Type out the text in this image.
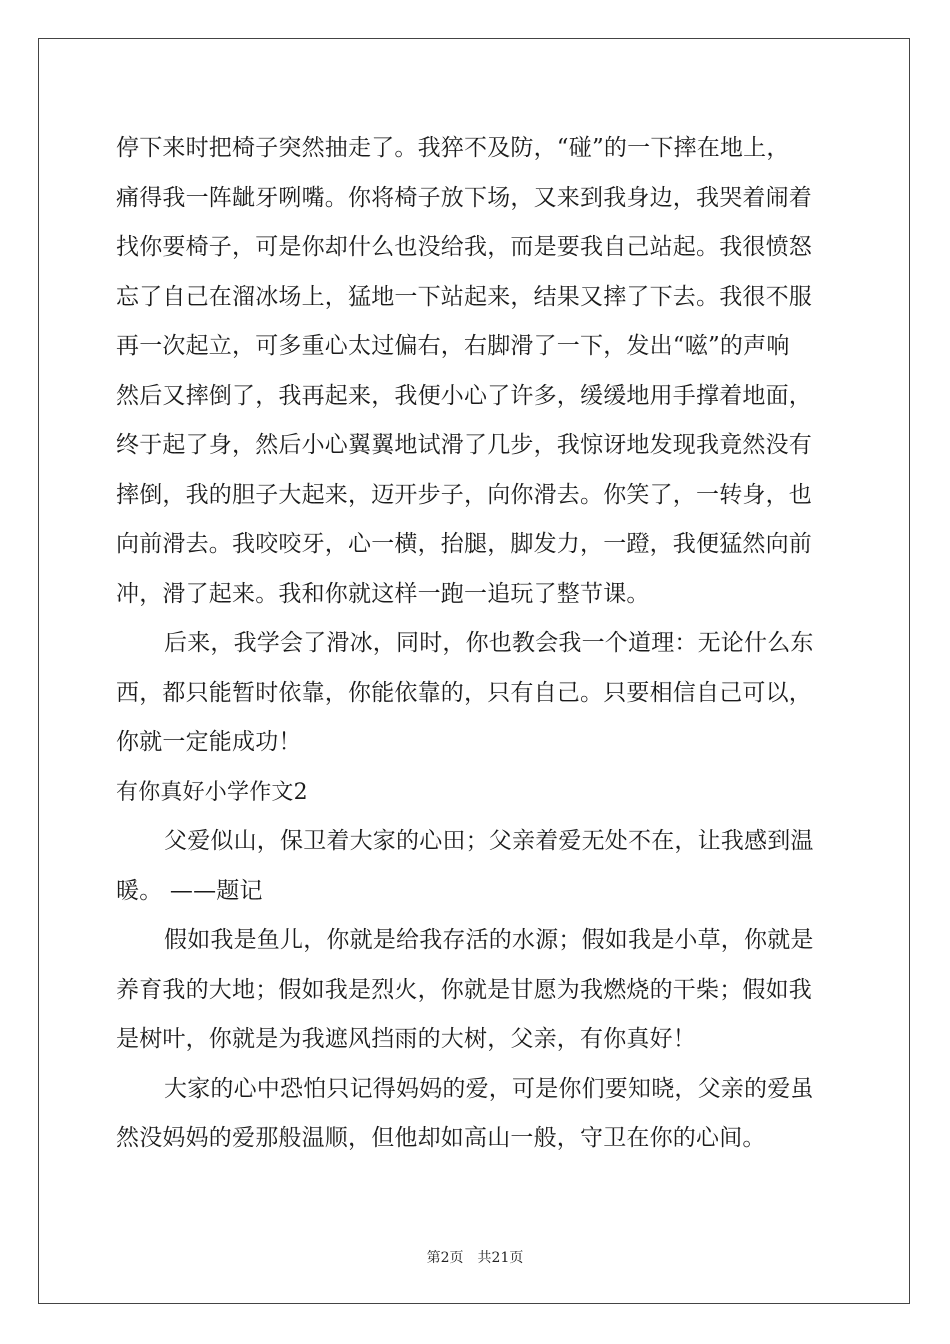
停下来时把椅子突然抽走了。我猝不及防，“碰”的一下摔在地上，
痛得我一阵龇牙咧嘴。你将椅子放下场，又来到我身边，我哭着闹着
找你要椅子，可是你却什么也没给我，而是要我自己站起。我很愤怒
忘了自己在溜冰场上，猛地一下站起来，结果又摔了下去。我很不服
再一次起立，可多重心太过偏右，右脚滑了一下，发出“嗞”的声响
然后又摔倒了，我再起来，我便小心了许多，缓缓地用手撑着地面，
终于起了身，然后小心翼翼地试滑了几步，我惊讶地发现我竟然没有
摔倒，我的胆子大起来，迈开步子，向你滑去。你笑了，一转身，也
向前滑去。我咬咬牙，心一横，抬腿，脚发力，一蹬，我便猛然向前
冲，滑了起来。我和你就这样一跑一追玩了整节课。
后来，我学会了滑冰，同时，你也教会我一个道理：无论什么东
西，都只能暂时依靠，你能依靠的，只有自己。只要相信自己可以，
你就一定能成功！
有你真好小学作文2
父爱似山，保卫着大家的心田；父亲着爱无处不在，让我感到温
暖。 ——题记
假如我是鱼儿，你就是给我存活的水源；假如我是小草，你就是
养育我的大地；假如我是烈火，你就是甘愿为我燃烧的干柴；假如我
是树叶，你就是为我遮风挡雨的大树，父亲，有你真好！
大家的心中恐怕只记得妈妈的爱，可是你们要知晓，父亲的爱虽
然没妈妈的爱那般温顺，但他却如高山一般，守卫在你的心间。
第2页 共21页
